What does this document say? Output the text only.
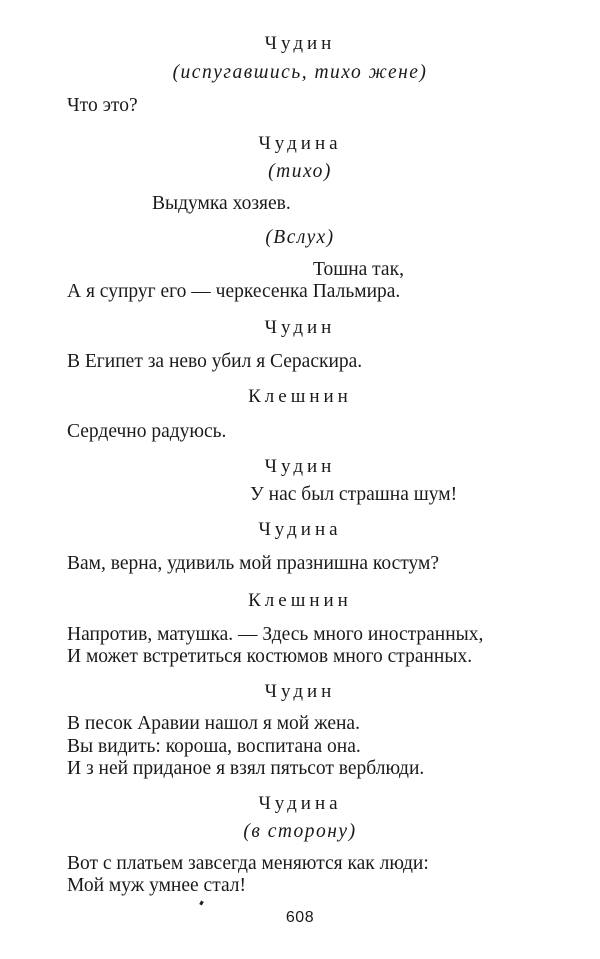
Чудин
(испугавшись, тихо жене)
Что это?
Чудина
(тихо)
Выдумка хозяев.
(Вслух)
Тошна так,
А я супруг его — черкесенка Пальмира.
Чудин
В Египет за нево убил я Сераскира.
Клешнин
Сердечно радуюсь.
Чудин
У нас был страшна шум!
Чудина
Вам, верна, удивиль мой празнишна костум?
Клешнин
Напротив, матушка. — Здесь много иностранных,
И может встретиться костюмов много странных.
Чудин
В песок Аравии нашол я мой жена.
Вы видить: короша, воспитана она.
И з ней приданое я взял пятьсот верблюди.
Чудина
(в сторону)
Вот с платьем завсегда меняются как люди:
Мой муж умнее стал!
608
